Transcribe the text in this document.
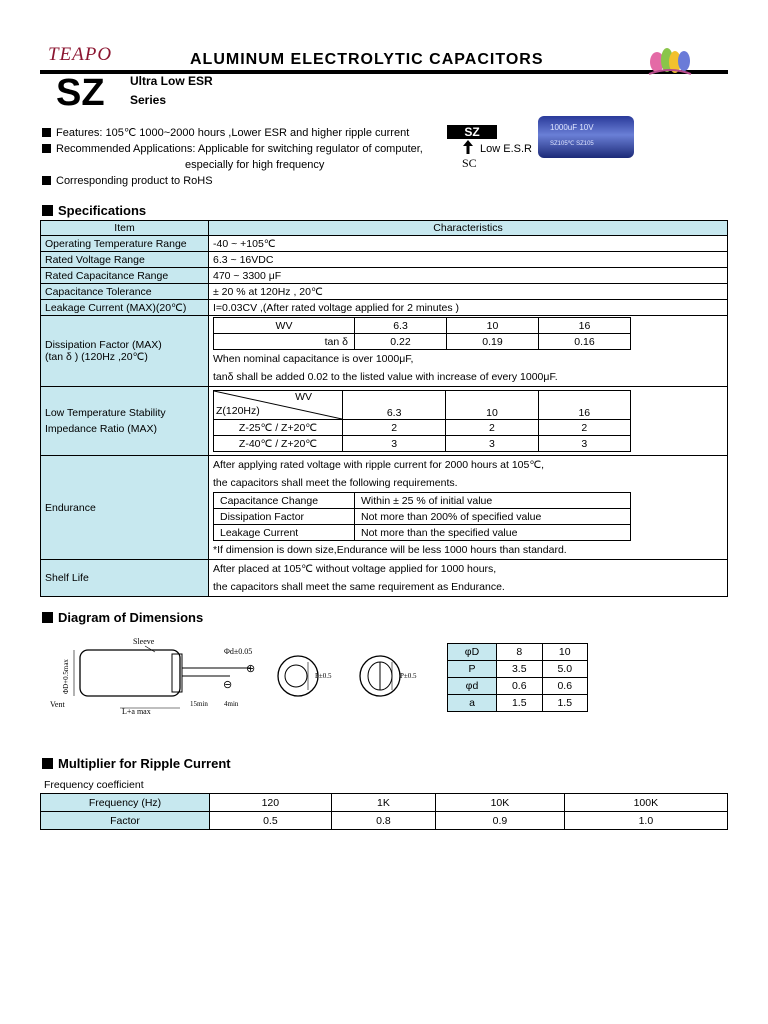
TEAPO	ALUMINUM ELECTROLYTIC CAPACITORS
SZ Ultra Low ESR
Series
Features: 105℃ 1000~2000 hours ,Lower ESR and higher ripple current
Recommended Applications: Applicable for switching regulator of computer,
especially for high frequency
Corresponding product to RoHS
SZ
Low E.S.R
SC
1000uF 10V
SZ105℃ SZ105
Specifications
Item	Characteristics
Operating Temperature Range	-40 ~ +105℃
Rated Voltage Range	6.3 ~ 16VDC
Rated Capacitance Range	470 ~ 3300 μF
Capacitance Tolerance	± 20 % at 120Hz , 20℃
Leakage Current (MAX)(20℃)	I=0.03CV ,(After rated voltage applied for 2 minutes )

Dissipation Factor (MAX)
(tan δ ) (120Hz ,20℃)

WV	6.3	10	16
tan δ	0.22	0.19	0.16
When nominal capacitance is over 1000μF,
tanδ shall be added 0.02 to the listed value with increase of every 1000μF.

Low Temperature Stability
Impedance Ratio (MAX)

WV
Z(120Hz)	6.3	10	16
Z-25℃ / Z+20℃	2	2	2
Z-40℃ / Z+20℃	3	3	3

Endurance	
After applying rated voltage with ripple current for 2000 hours at 105℃,
the capacitors shall meet the following requirements.
Capacitance Change	Within ± 25 % of initial value
Dissipation Factor	Not more than 200% of specified value
Leakage Current	Not more than the specified value
*If dimension is down size,Endurance will be less 1000 hours than standard.

Shelf Life	
After placed at 105℃ without voltage applied for 1000 hours,
the capacitors shall meet the same requirement as Endurance.
Diagram of Dimensions
Sleeve
Vent
ΦD+0.5max
L+a max
15min 4min
Φd±0.05
⊕
⊖
P±0.5	P±0.5
φD	8	10
P	3.5	5.0
φd	0.6	0.6
a	1.5	1.5
Multiplier for Ripple Current
Frequency coefficient
Frequency (Hz)	120	1K	10K	100K
Factor	0.5	0.8	0.9	1.0
